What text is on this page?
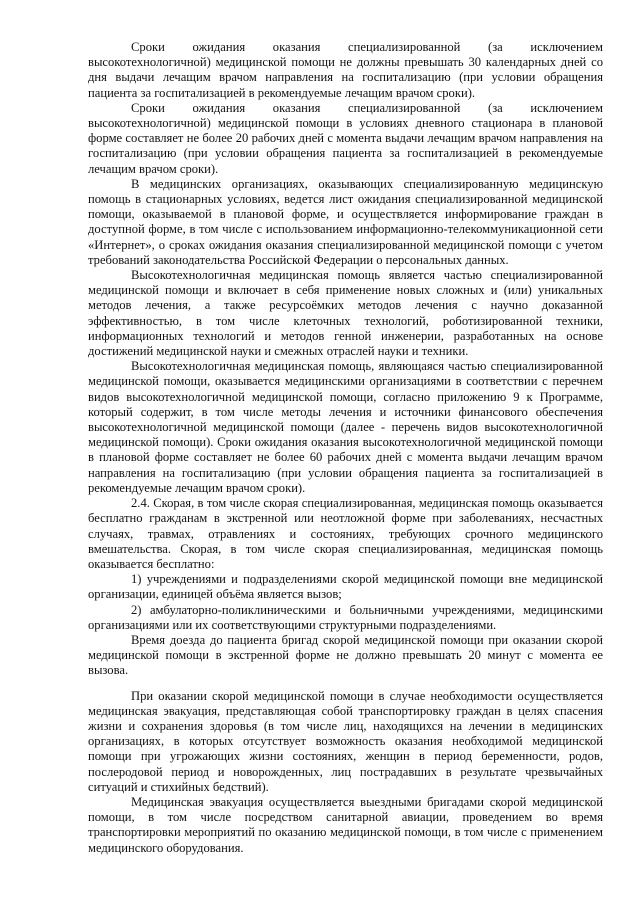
Сроки ожидания оказания специализированной (за исключением высокотехнологичной) медицинской помощи не должны превышать 30 календарных дней со дня выдачи лечащим врачом направления на госпитализацию (при условии обращения пациента за госпитализацией в рекомендуемые лечащим врачом сроки).

Сроки ожидания оказания специализированной (за исключением высокотехнологичной) медицинской помощи в условиях дневного стационара в плановой форме составляет не более 20 рабочих дней с момента выдачи лечащим врачом направления на госпитализацию (при условии обращения пациента за госпитализацией в рекомендуемые лечащим врачом сроки).

В медицинских организациях, оказывающих специализированную медицинскую помощь в стационарных условиях, ведется лист ожидания специализированной медицинской помощи, оказываемой в плановой форме, и осуществляется информирование граждан в доступной форме, в том числе с использованием информационно-телекоммуникационной сети «Интернет», о сроках ожидания оказания специализированной медицинской помощи с учетом требований законодательства Российской Федерации о персональных данных.

Высокотехнологичная медицинская помощь является частью специализированной медицинской помощи и включает в себя применение новых сложных и (или) уникальных методов лечения, а также ресурсоёмких методов лечения с научно доказанной эффективностью, в том числе клеточных технологий, роботизированной техники, информационных технологий и методов генной инженерии, разработанных на основе достижений медицинской науки и смежных отраслей науки и техники.

Высокотехнологичная медицинская помощь, являющаяся частью специализированной медицинской помощи, оказывается медицинскими организациями в соответствии с перечнем видов высокотехнологичной медицинской помощи, согласно приложению 9 к Программе, который содержит, в том числе методы лечения и источники финансового обеспечения высокотехнологичной медицинской помощи (далее - перечень видов высокотехнологичной медицинской помощи). Сроки ожидания оказания высокотехнологичной медицинской помощи в плановой форме составляет не более 60 рабочих дней с момента выдачи лечащим врачом направления на госпитализацию (при условии обращения пациента за госпитализацией в рекомендуемые лечащим врачом сроки).

2.4. Скорая, в том числе скорая специализированная, медицинская помощь оказывается бесплатно гражданам в экстренной или неотложной форме при заболеваниях, несчастных случаях, травмах, отравлениях и состояниях, требующих срочного медицинского вмешательства. Скорая, в том числе скорая специализированная, медицинская помощь оказывается бесплатно:

1) учреждениями и подразделениями скорой медицинской помощи вне медицинской организации, единицей объёма является вызов;

2) амбулаторно-поликлиническими и больничными учреждениями, медицинскими организациями или их соответствующими структурными подразделениями.

Время доезда до пациента бригад скорой медицинской помощи при оказании скорой медицинской помощи в экстренной форме не должно превышать 20 минут с момента ее вызова.

При оказании скорой медицинской помощи в случае необходимости осуществляется медицинская эвакуация, представляющая собой транспортировку граждан в целях спасения жизни и сохранения здоровья (в том числе лиц, находящихся на лечении в медицинских организациях, в которых отсутствует возможность оказания необходимой медицинской помощи при угрожающих жизни состояниях, женщин в период беременности, родов, послеродовой период и новорожденных, лиц пострадавших в результате чрезвычайных ситуаций и стихийных бедствий).

Медицинская эвакуация осуществляется выездными бригадами скорой медицинской помощи, в том числе посредством санитарной авиации, проведением во время транспортировки мероприятий по оказанию медицинской помощи, в том числе с применением медицинского оборудования.
